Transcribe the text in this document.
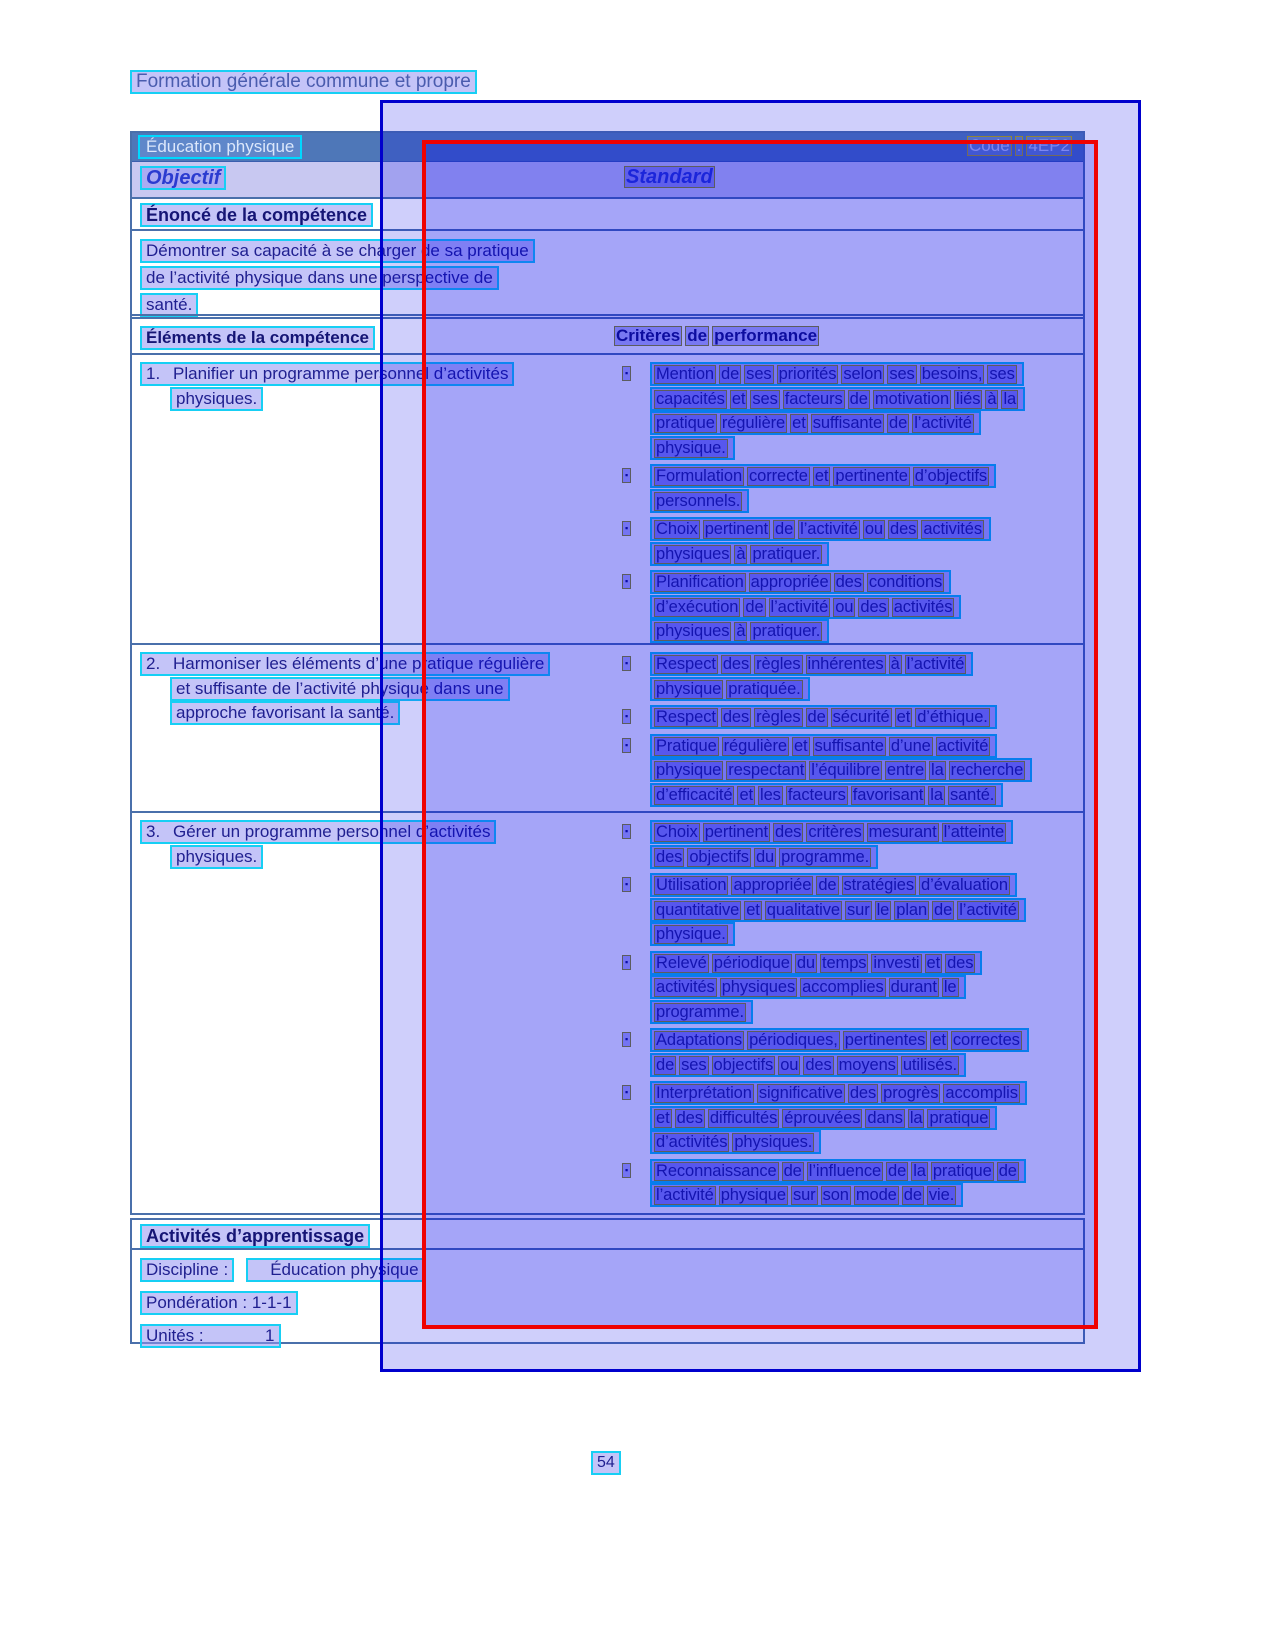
Formation générale commune et propre
Éducation physique	Code : 4EP2
Objectif	Standard
Énoncé de la compétence
Démontrer sa capacité à se charger de sa pratique
de l’activité physique dans une perspective de
santé.
Éléments de la compétence	Critères de performance
1. Planifier un programme personnel d’activités
physiques.
▪ Mention de ses priorités selon ses besoins, ses
capacités et ses facteurs de motivation liés à la
pratique régulière et suffisante de l’activité
physique.
▪ Formulation correcte et pertinente d’objectifs
personnels.
▪ Choix pertinent de l’activité ou des activités
physiques à pratiquer.
▪ Planification appropriée des conditions
d’exécution de l’activité ou des activités
physiques à pratiquer.
2. Harmoniser les éléments d’une pratique régulière
et suffisante de l’activité physique dans une
approche favorisant la santé.
▪ Respect des règles inhérentes à l’activité
physique pratiquée.
▪ Respect des règles de sécurité et d’éthique.
▪ Pratique régulière et suffisante d’une activité
physique respectant l’équilibre entre la recherche
d’efficacité et les facteurs favorisant la santé.
3. Gérer un programme personnel d’activités
physiques.
▪ Choix pertinent des critères mesurant l’atteinte
des objectifs du programme.
▪ Utilisation appropriée de stratégies d’évaluation
quantitative et qualitative sur le plan de l’activité
physique.
▪ Relevé périodique du temps investi et des
activités physiques accomplies durant le
programme.
▪ Adaptations périodiques, pertinentes et correctes
de ses objectifs ou des moyens utilisés.
▪ Interprétation significative des progrès accomplis
et des difficultés éprouvées dans la pratique
d’activités physiques.
▪ Reconnaissance de l’influence de la pratique de
l’activité physique sur son mode de vie.
Activités d’apprentissage
Discipline : Éducation physique
Pondération : 1-1-1
Unités :             1
54
